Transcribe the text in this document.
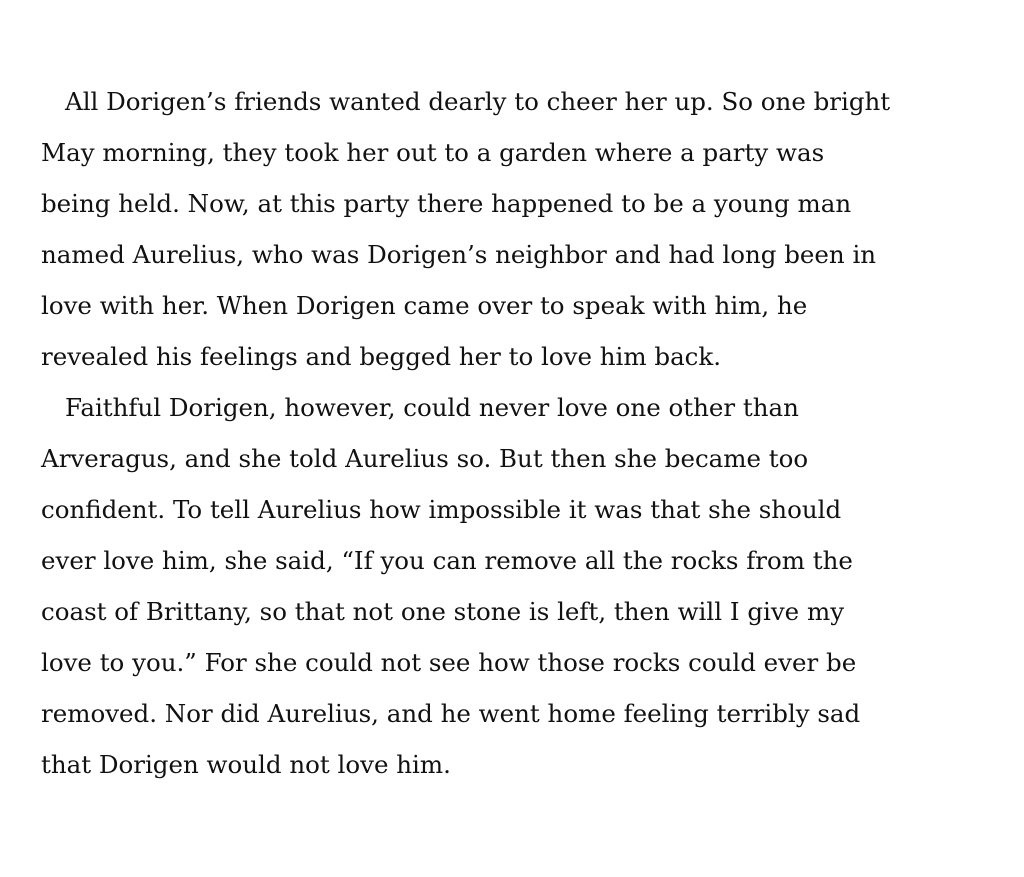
All Dorigen’s friends wanted dearly to cheer her up. So one bright
May morning, they took her out to a garden where a party was
being held. Now, at this party there happened to be a young man
named Aurelius, who was Dorigen’s neighbor and had long been in
love with her. When Dorigen came over to speak with him, he
revealed his feelings and begged her to love him back.
Faithful Dorigen, however, could never love one other than
Arveragus, and she told Aurelius so. But then she became too
confident. To tell Aurelius how impossible it was that she should
ever love him, she said, “If you can remove all the rocks from the
coast of Brittany, so that not one stone is left, then will I give my
love to you.” For she could not see how those rocks could ever be
removed. Nor did Aurelius, and he went home feeling terribly sad
that Dorigen would not love him.
